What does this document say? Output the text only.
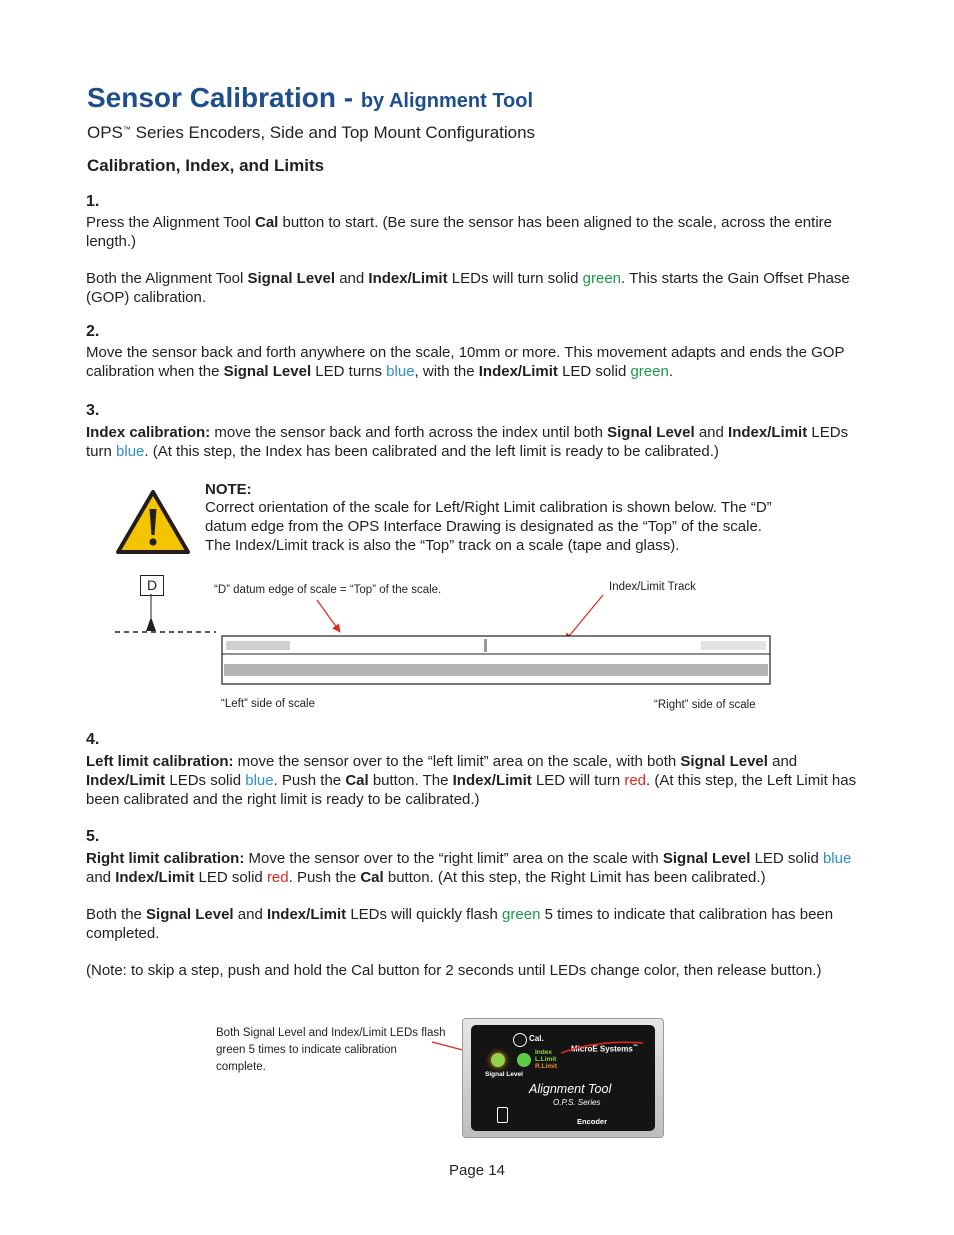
Sensor Calibration - by Alignment Tool
OPS™ Series Encoders, Side and Top Mount Configurations
Calibration, Index, and Limits
1.
Press the Alignment Tool Cal button to start. (Be sure the sensor has been aligned to the scale, across the entire length.)
Both the Alignment Tool Signal Level and Index/Limit LEDs will turn solid green. This starts the Gain Offset Phase (GOP) calibration.
2.
Move the sensor back and forth anywhere on the scale, 10mm or more. This movement adapts and ends the GOP calibration when the Signal Level LED turns blue, with the Index/Limit LED solid green.
3.
Index calibration: move the sensor back and forth across the index until both Signal Level and Index/Limit LEDs turn blue. (At this step, the Index has been calibrated and the left limit is ready to be calibrated.)
NOTE:
Correct orientation of the scale for Left/Right Limit calibration is shown below. The “D” datum edge from the OPS Interface Drawing is designated as the “Top” of the scale. The Index/Limit track is also the “Top” track on a scale (tape and glass).
D	“D” datum edge of scale = “Top” of the scale.	Index/Limit Track
“Left” side of scale	“Right” side of scale
4.
Left limit calibration: move the sensor over to the “left limit” area on the scale, with both Signal Level and Index/Limit LEDs solid blue. Push the Cal button. The Index/Limit LED will turn red. (At this step, the Left Limit has been calibrated and the right limit is ready to be calibrated.)
5.
Right limit calibration: Move the sensor over to the “right limit” area on the scale with Signal Level LED solid blue and Index/Limit LED solid red. Push the Cal button. (At this step, the Right Limit has been calibrated.)
Both the Signal Level and Index/Limit LEDs will quickly flash green 5 times to indicate that calibration has been completed.
(Note: to skip a step, push and hold the Cal button for 2 seconds until LEDs change color, then release button.)
Both Signal Level and Index/Limit LEDs flash green 5 times to indicate calibration complete.
Cal.
Index
L.Limit
R.Limit
Signal Level
MicroE Systems™
Alignment Tool
O.P.S. Series
Encoder
Page 14
